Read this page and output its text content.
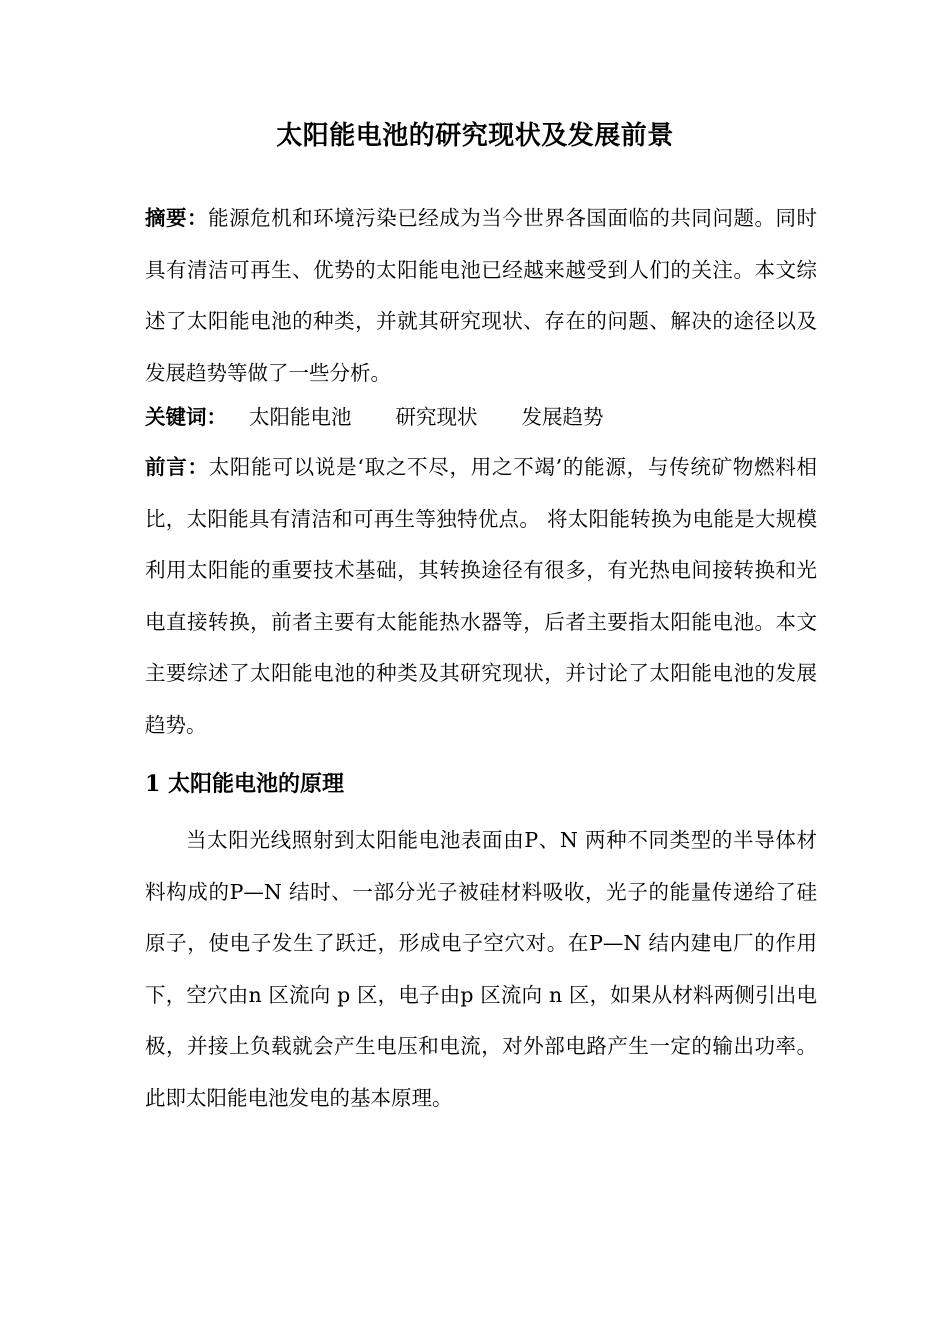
太阳能电池的研究现状及发展前景
摘要：能源危机和环境污染已经成为当今世界各国面临的共同问题。同时具有清洁可再生、优势的太阳能电池已经越来越受到人们的关注。本文综述了太阳能电池的种类，并就其研究现状、存在的问题、解决的途径以及发展趋势等做了一些分析。
关键词： 太阳能电池 研究现状 发展趋势
前言：太阳能可以说是‘取之不尽，用之不竭’的能源，与传统矿物燃料相比，太阳能具有清洁和可再生等独特优点。 将太阳能转换为电能是大规模利用太阳能的重要技术基础，其转换途径有很多，有光热电间接转换和光电直接转换，前者主要有太能能热水器等，后者主要指太阳能电池。本文主要综述了太阳能电池的种类及其研究现状，并讨论了太阳能电池的发展趋势。
1 太阳能电池的原理
当太阳光线照射到太阳能电池表面由P、N 两种不同类型的半导体材料构成的P—N 结时、一部分光子被硅材料吸收，光子的能量传递给了硅原子，使电子发生了跃迁，形成电子空穴对。在P—N 结内建电厂的作用下，空穴由n 区流向 p 区，电子由p 区流向 n 区，如果从材料两侧引出电极，并接上负载就会产生电压和电流，对外部电路产生一定的输出功率。此即太阳能电池发电的基本原理。
